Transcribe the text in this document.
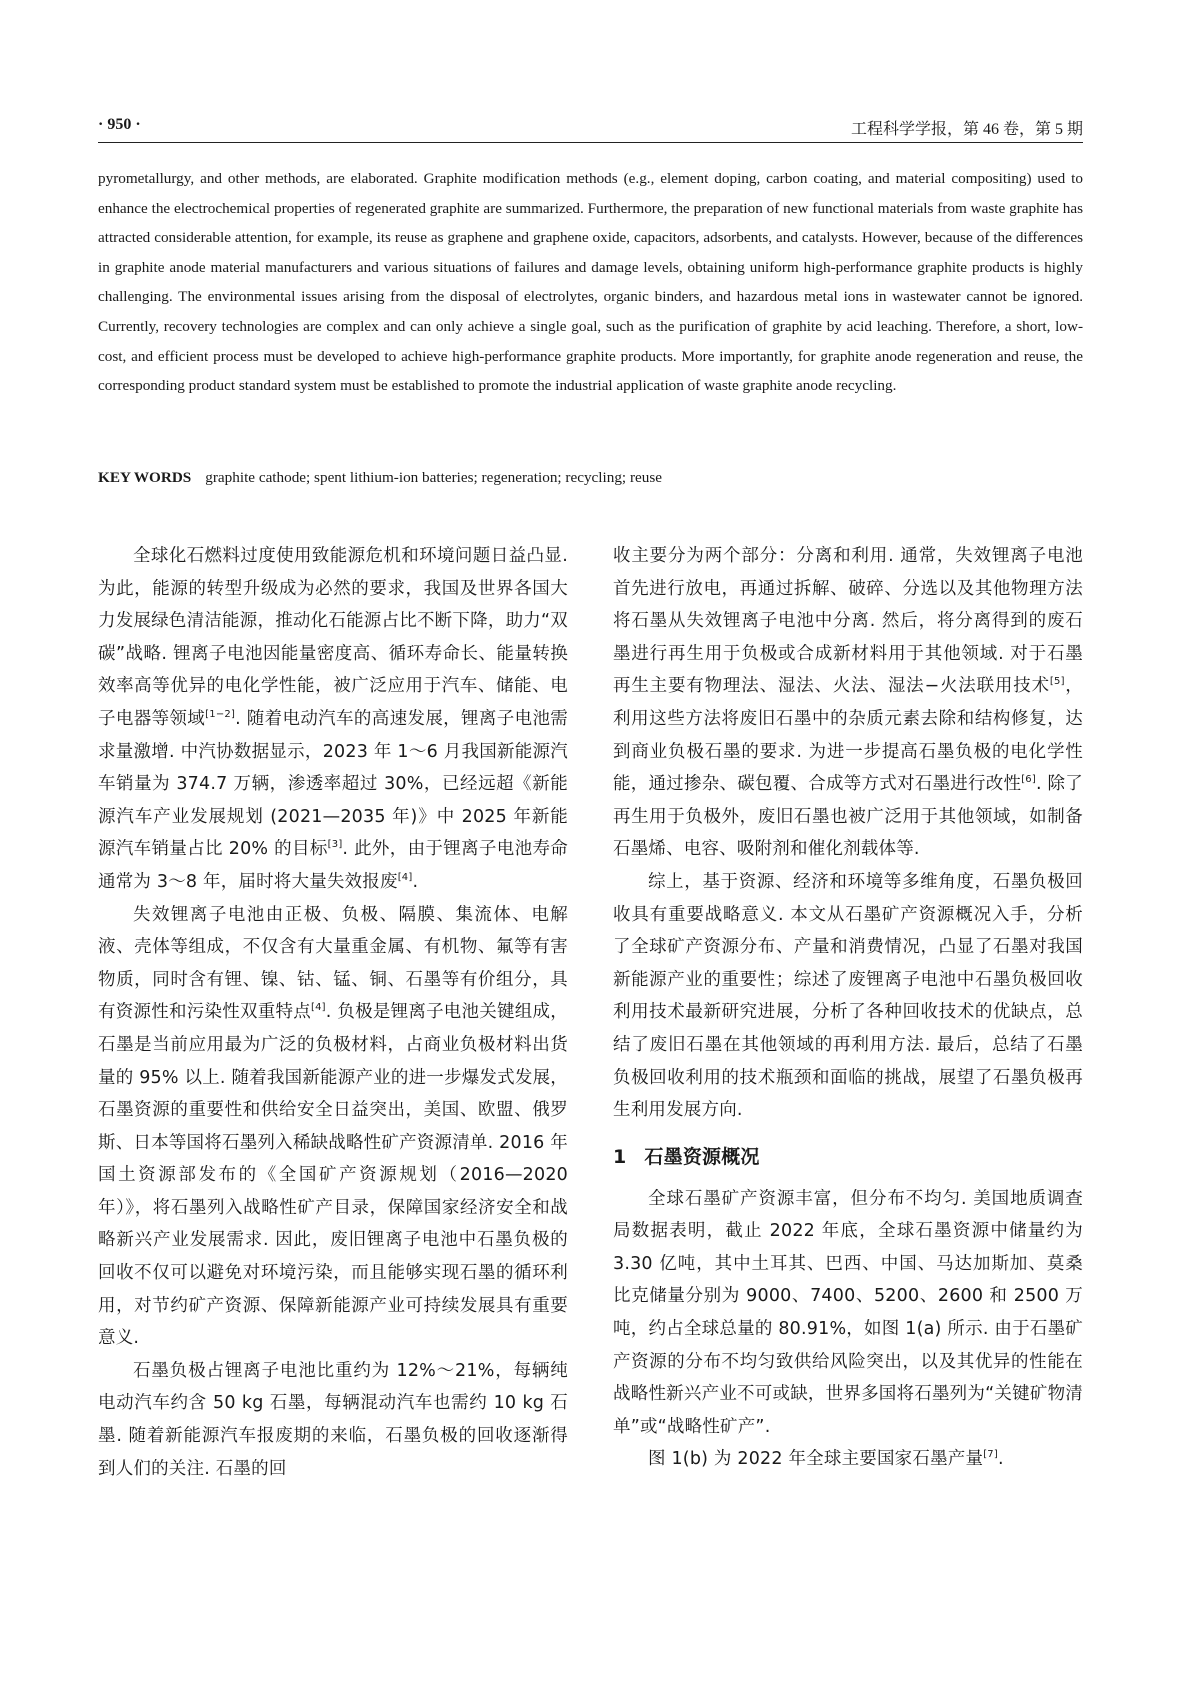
· 950 ·	工程科学学报，第 46 卷，第 5 期

pyrometallurgy, and other methods, are elaborated. Graphite modification methods (e.g., element doping, carbon coating, and material compositing) used to enhance the electrochemical properties of regenerated graphite are summarized. Furthermore, the preparation of new functional materials from waste graphite has attracted considerable attention, for example, its reuse as graphene and graphene oxide, capacitors, adsorbents, and catalysts. However, because of the differences in graphite anode material manufacturers and various situations of failures and damage levels, obtaining uniform high-performance graphite products is highly challenging. The environmental issues arising from the disposal of electrolytes, organic binders, and hazardous metal ions in wastewater cannot be ignored. Currently, recovery technologies are complex and can only achieve a single goal, such as the purification of graphite by acid leaching. Therefore, a short, low-cost, and efficient process must be developed to achieve high-performance graphite products. More importantly, for graphite anode regeneration and reuse, the corresponding product standard system must be established to promote the industrial application of waste graphite anode recycling.

KEY WORDS graphite cathode; spent lithium-ion batteries; regeneration; recycling; reuse

全球化石燃料过度使用致能源危机和环境问题日益凸显. 为此，能源的转型升级成为必然的要求，我国及世界各国大力发展绿色清洁能源，推动化石能源占比不断下降，助力“双碳”战略. 锂离子电池因能量密度高、循环寿命长、能量转换效率高等优异的电化学性能，被广泛应用于汽车、储能、电子电器等领域[1−2]. 随着电动汽车的高速发展，锂离子电池需求量激增. 中汽协数据显示，2023 年 1～6 月我国新能源汽车销量为 374.7 万辆，渗透率超过 30%，已经远超《新能源汽车产业发展规划 (2021—2035 年)》中 2025 年新能源汽车销量占比 20% 的目标[3]. 此外，由于锂离子电池寿命通常为 3～8 年，届时将大量失效报废[4].

失效锂离子电池由正极、负极、隔膜、集流体、电解液、壳体等组成，不仅含有大量重金属、有机物、氟等有害物质，同时含有锂、镍、钴、锰、铜、石墨等有价组分，具有资源性和污染性双重特点[4]. 负极是锂离子电池关键组成，石墨是当前应用最为广泛的负极材料，占商业负极材料出货量的 95% 以上. 随着我国新能源产业的进一步爆发式发展，石墨资源的重要性和供给安全日益突出，美国、欧盟、俄罗斯、日本等国将石墨列入稀缺战略性矿产资源清单. 2016 年国土资源部发布的《全国矿产资源规划（2016—2020 年）》，将石墨列入战略性矿产目录，保障国家经济安全和战略新兴产业发展需求. 因此，废旧锂离子电池中石墨负极的回收不仅可以避免对环境污染，而且能够实现石墨的循环利用，对节约矿产资源、保障新能源产业可持续发展具有重要意义.

石墨负极占锂离子电池比重约为 12%～21%，每辆纯电动汽车约含 50 kg 石墨，每辆混动汽车也需约 10 kg 石墨. 随着新能源汽车报废期的来临，石墨负极的回收逐渐得到人们的关注. 石墨的回

收主要分为两个部分：分离和利用. 通常，失效锂离子电池首先进行放电，再通过拆解、破碎、分选以及其他物理方法将石墨从失效锂离子电池中分离. 然后，将分离得到的废石墨进行再生用于负极或合成新材料用于其他领域. 对于石墨再生主要有物理法、湿法、火法、湿法−火法联用技术[5]，利用这些方法将废旧石墨中的杂质元素去除和结构修复，达到商业负极石墨的要求. 为进一步提高石墨负极的电化学性能，通过掺杂、碳包覆、合成等方式对石墨进行改性[6]. 除了再生用于负极外，废旧石墨也被广泛用于其他领域，如制备石墨烯、电容、吸附剂和催化剂载体等.

综上，基于资源、经济和环境等多维角度，石墨负极回收具有重要战略意义. 本文从石墨矿产资源概况入手，分析了全球矿产资源分布、产量和消费情况，凸显了石墨对我国新能源产业的重要性；综述了废锂离子电池中石墨负极回收利用技术最新研究进展，分析了各种回收技术的优缺点，总结了废旧石墨在其他领域的再利用方法. 最后，总结了石墨负极回收利用的技术瓶颈和面临的挑战，展望了石墨负极再生利用发展方向.

1 石墨资源概况

全球石墨矿产资源丰富，但分布不均匀. 美国地质调查局数据表明，截止 2022 年底，全球石墨资源中储量约为 3.30 亿吨，其中土耳其、巴西、中国、马达加斯加、莫桑比克储量分别为 9000、7400、5200、2600 和 2500 万吨，约占全球总量的 80.91%，如图 1(a) 所示. 由于石墨矿产资源的分布不均匀致供给风险突出，以及其优异的性能在战略性新兴产业不可或缺，世界多国将石墨列为“关键矿物清单”或“战略性矿产”.

图 1(b) 为 2022 年全球主要国家石墨产量[7].
